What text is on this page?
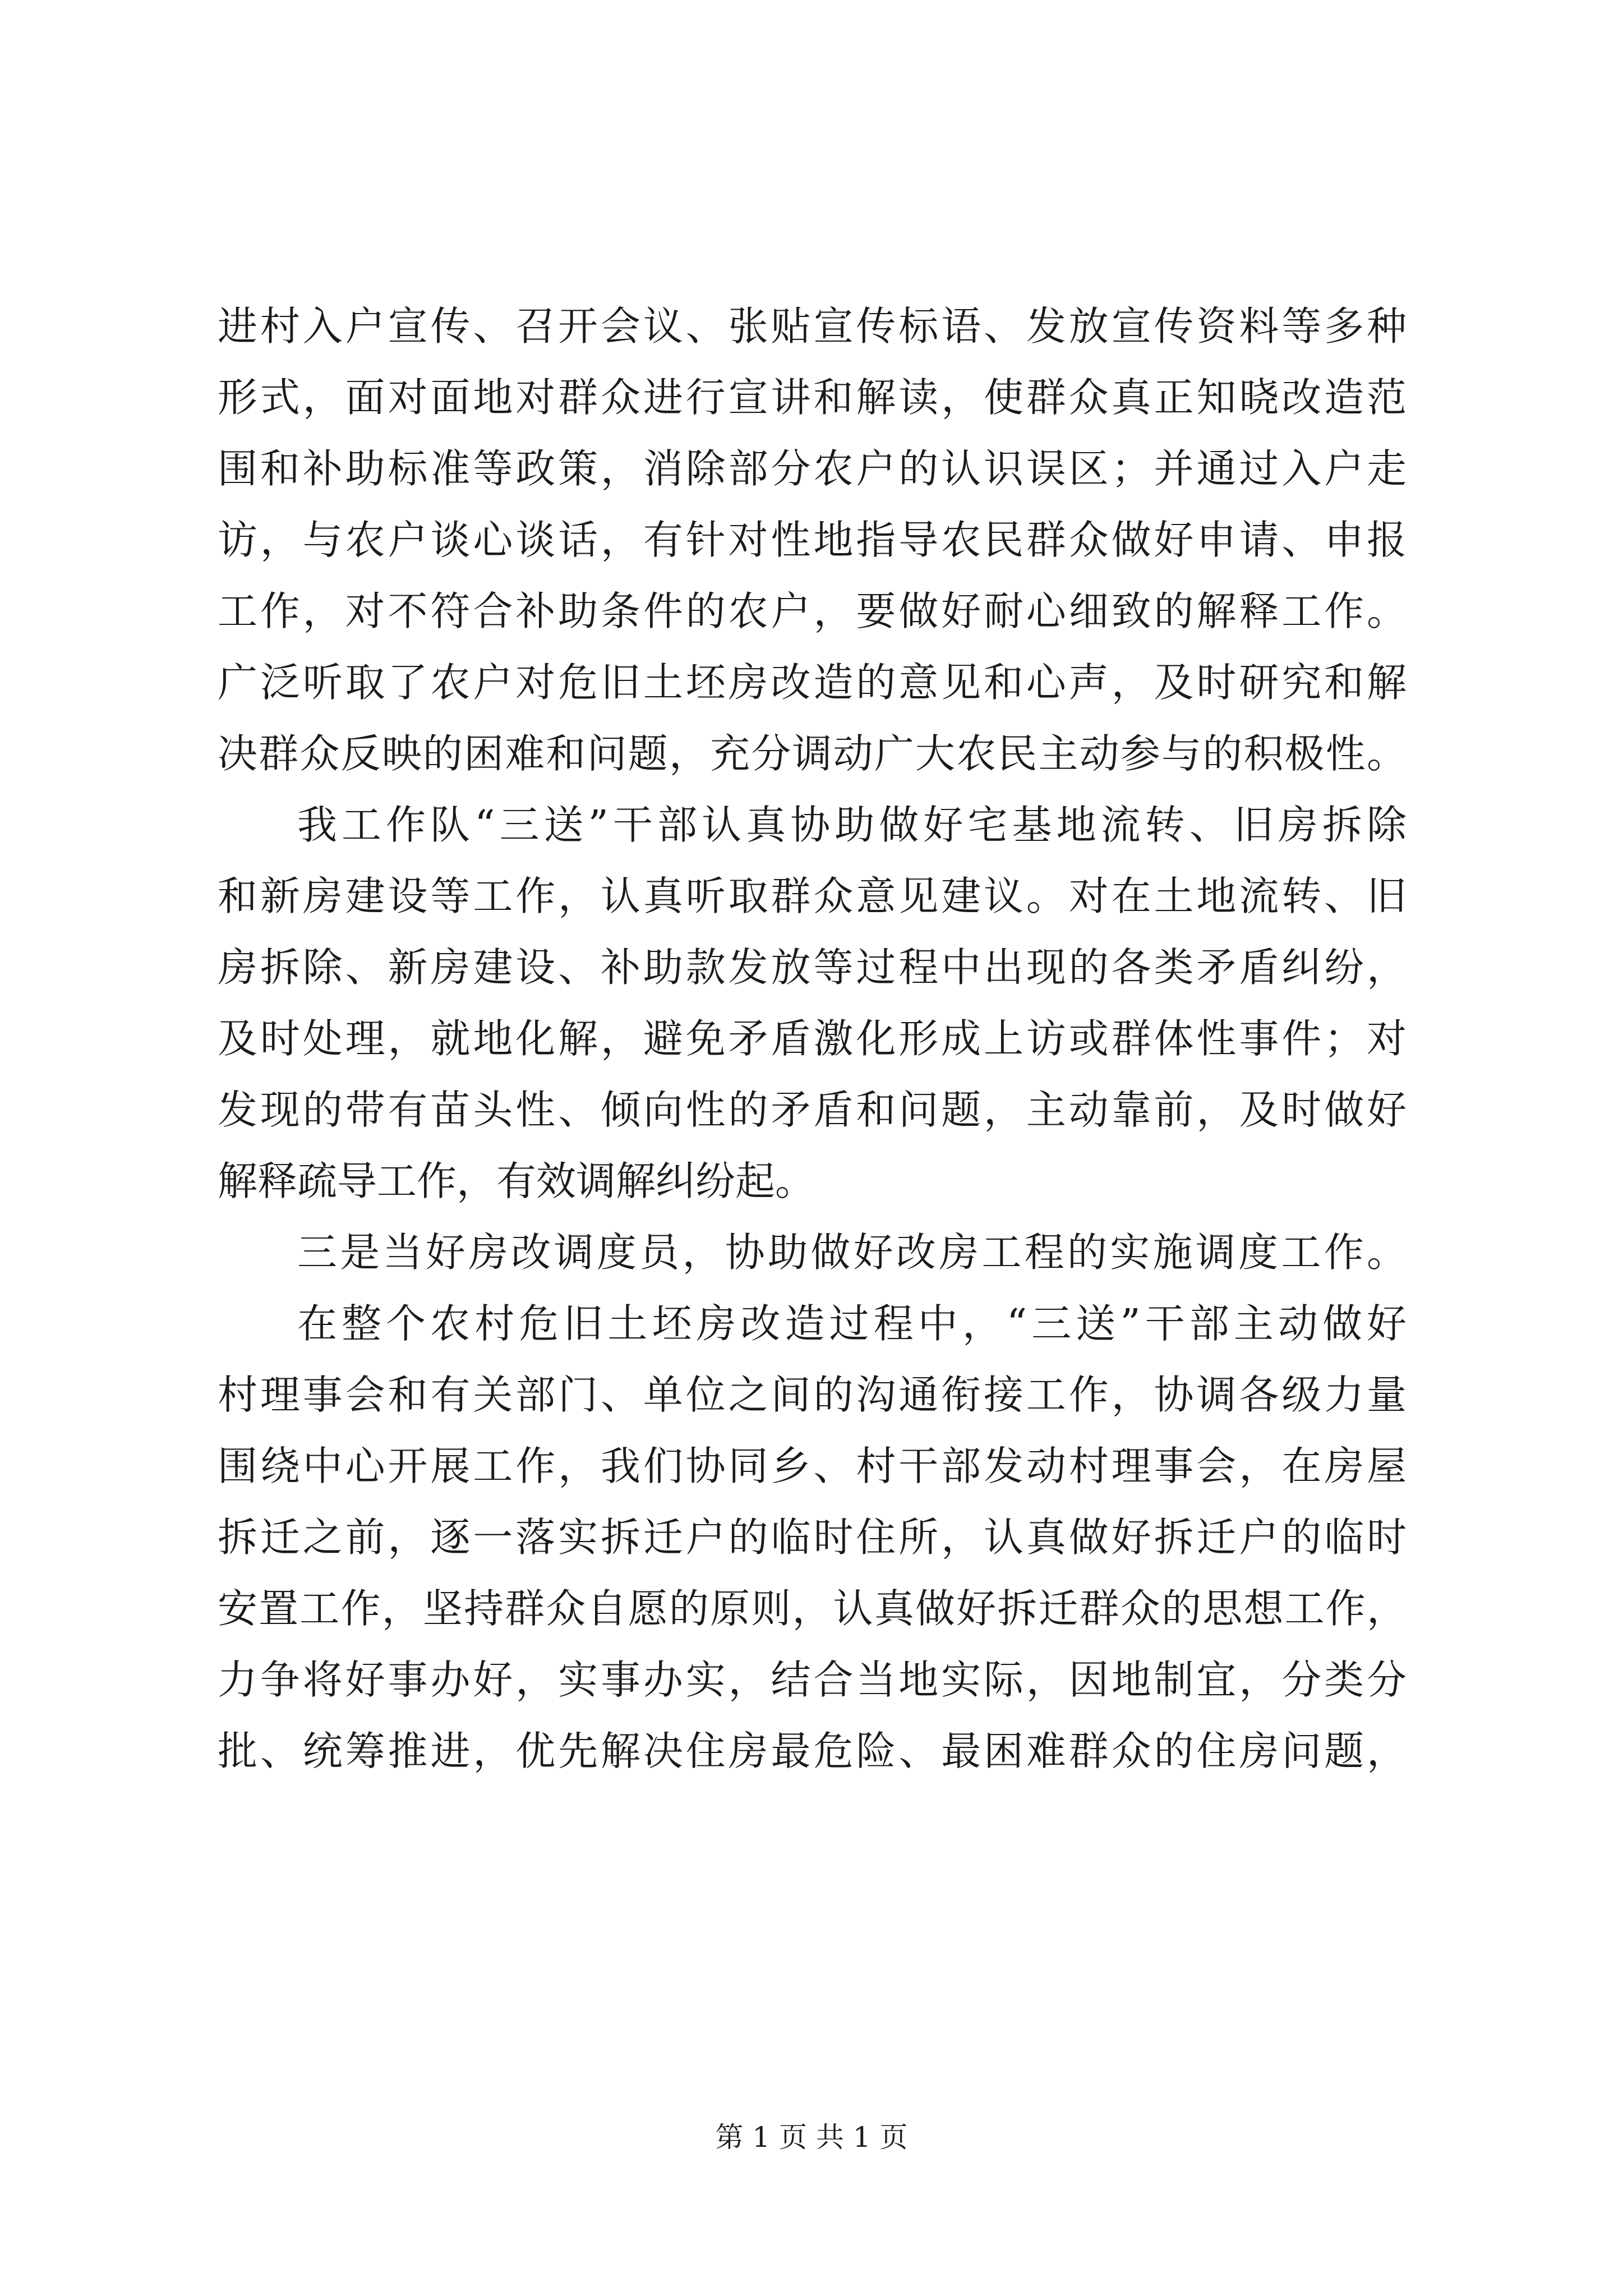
进村入户宣传、召开会议、张贴宣传标语、发放宣传资料等多种
形式，面对面地对群众进行宣讲和解读，使群众真正知晓改造范
围和补助标准等政策，消除部分农户的认识误区；并通过入户走
访，与农户谈心谈话，有针对性地指导农民群众做好申请、申报
工作，对不符合补助条件的农户，要做好耐心细致的解释工作。
广泛听取了农户对危旧土坯房改造的意见和心声，及时研究和解
决群众反映的困难和问题，充分调动广大农民主动参与的积极性。
我工作队“三送”干部认真协助做好宅基地流转、旧房拆除
和新房建设等工作，认真听取群众意见建议。对在土地流转、旧
房拆除、新房建设、补助款发放等过程中出现的各类矛盾纠纷，
及时处理，就地化解，避免矛盾激化形成上访或群体性事件；对
发现的带有苗头性、倾向性的矛盾和问题，主动靠前，及时做好
解释疏导工作，有效调解纠纷起。
三是当好房改调度员，协助做好改房工程的实施调度工作。
在整个农村危旧土坯房改造过程中，“三送”干部主动做好
村理事会和有关部门、单位之间的沟通衔接工作，协调各级力量
围绕中心开展工作，我们协同乡、村干部发动村理事会，在房屋
拆迁之前，逐一落实拆迁户的临时住所，认真做好拆迁户的临时
安置工作，坚持群众自愿的原则，认真做好拆迁群众的思想工作，
力争将好事办好，实事办实，结合当地实际，因地制宜，分类分
批、统筹推进，优先解决住房最危险、最困难群众的住房问题，
第 1 页 共 1 页
